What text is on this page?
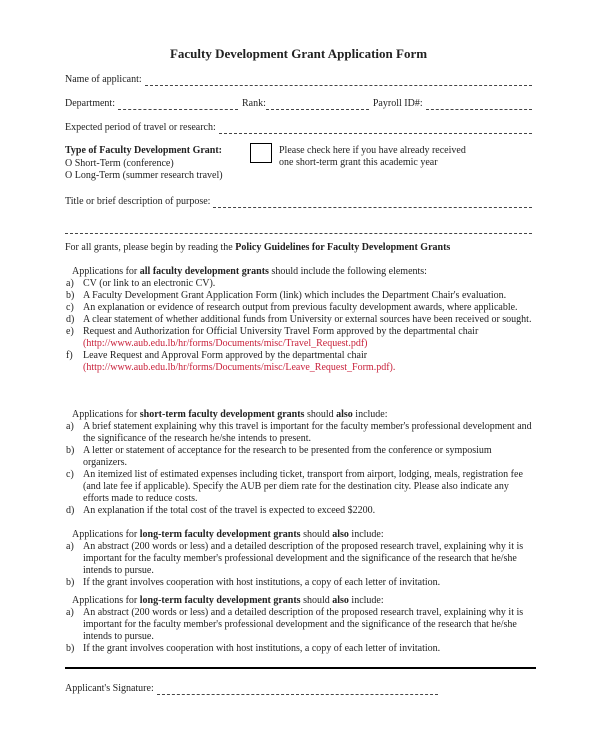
Faculty Development Grant Application Form
Name of applicant:
Department:	Rank:	Payroll ID#:
Expected period of travel or research:
Type of Faculty Development Grant:
O Short-Term (conference)
O Long-Term (summer research travel)
Please check here if you have already received
one short-term grant this academic year
Title or brief description of purpose:
For all grants, please begin by reading the Policy Guidelines for Faculty Development Grants
Applications for all faculty development grants should include the following elements:
a) CV (or link to an electronic CV).
b) A Faculty Development Grant Application Form (link) which includes the Department Chair's evaluation.
c) An explanation or evidence of research output from previous faculty development awards, where applicable.
d) A clear statement of whether additional funds from University or external sources have been received or sought.
e) Request and Authorization for Official University Travel Form approved by the departmental chair
(http://www.aub.edu.lb/hr/forms/Documents/misc/Travel_Request.pdf)
f)	Leave Request and Approval Form approved by the departmental chair
(http://www.aub.edu.lb/hr/forms/Documents/misc/Leave_Request_Form.pdf).
Applications for short-term faculty development grants should also include:
a) A brief statement explaining why this travel is important for the faculty member's professional development and the significance of the research he/she intends to present.
b) A letter or statement of acceptance for the research to be presented from the conference or symposium organizers.
c) An itemized list of estimated expenses including ticket, transport from airport, lodging, meals, registration fee (and late fee if applicable). Specify the AUB per diem rate for the destination city. Please also indicate any efforts made to reduce costs.
d) An explanation if the total cost of the travel is expected to exceed $2200.
Applications for long-term faculty development grants should also include:
a) An abstract (200 words or less) and a detailed description of the proposed research travel, explaining why it is important for the faculty member's professional development and the significance of the research that he/she intends to pursue.
b) If the grant involves cooperation with host institutions, a copy of each letter of invitation.
Applications for long-term faculty development grants should also include:
a) An abstract (200 words or less) and a detailed description of the proposed research travel, explaining why it is important for the faculty member's professional development and the significance of the research that he/she intends to pursue.
b) If the grant involves cooperation with host institutions, a copy of each letter of invitation.
Applicant's Signature:
